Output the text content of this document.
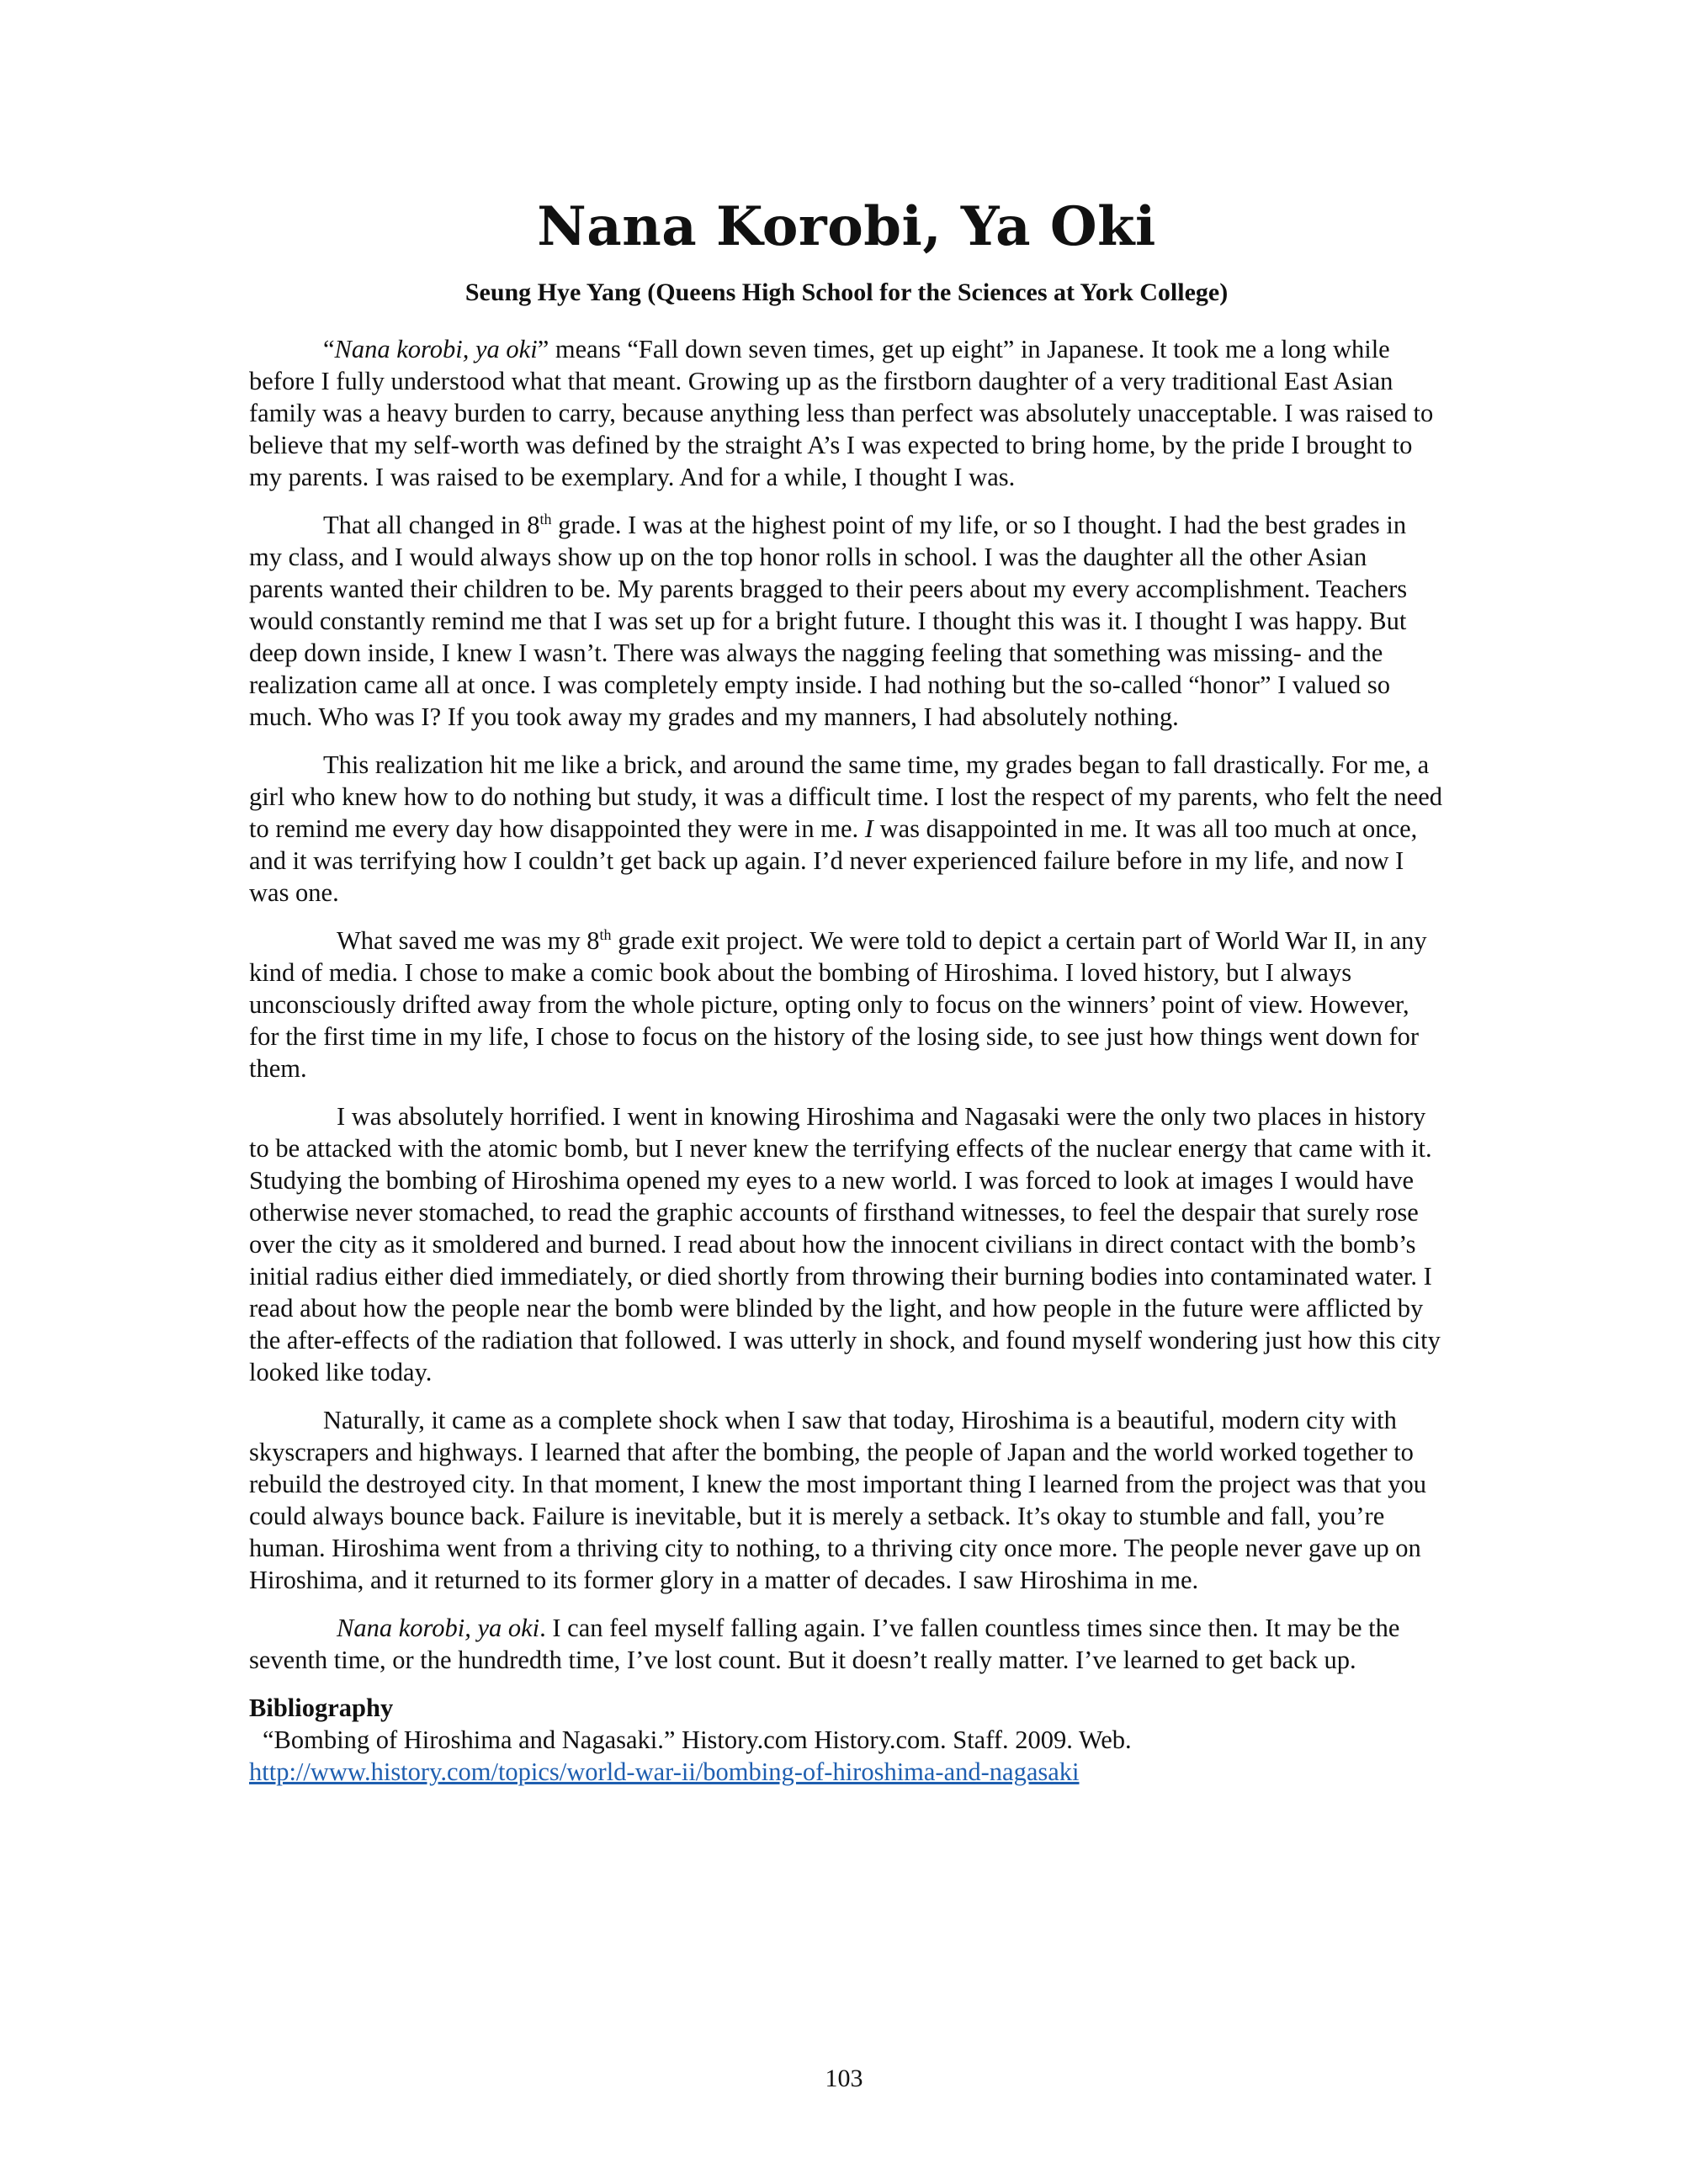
Nana Korobi, Ya Oki
Seung Hye Yang (Queens High School for the Sciences at York College)

“Nana korobi, ya oki” means “Fall down seven times, get up eight” in Japanese. It took me a long while before I fully understood what that meant. Growing up as the firstborn daughter of a very traditional East Asian family was a heavy burden to carry, because anything less than perfect was absolutely unacceptable. I was raised to believe that my self-worth was defined by the straight A’s I was expected to bring home, by the pride I brought to my parents. I was raised to be exemplary. And for a while, I thought I was.

That all changed in 8th grade. I was at the highest point of my life, or so I thought. I had the best grades in my class, and I would always show up on the top honor rolls in school. I was the daughter all the other Asian parents wanted their children to be. My parents bragged to their peers about my every accomplishment. Teachers would constantly remind me that I was set up for a bright future. I thought this was it. I thought I was happy. But deep down inside, I knew I wasn’t. There was always the nagging feeling that something was missing- and the realization came all at once. I was completely empty inside. I had nothing but the so-called “honor” I valued so much. Who was I? If you took away my grades and my manners, I had absolutely nothing.

This realization hit me like a brick, and around the same time, my grades began to fall drastically. For me, a girl who knew how to do nothing but study, it was a difficult time. I lost the respect of my parents, who felt the need to remind me every day how disappointed they were in me. I was disappointed in me. It was all too much at once, and it was terrifying how I couldn’t get back up again. I’d never experienced failure before in my life, and now I was one.

What saved me was my 8th grade exit project. We were told to depict a certain part of World War II, in any kind of media. I chose to make a comic book about the bombing of Hiroshima. I loved history, but I always unconsciously drifted away from the whole picture, opting only to focus on the winners’ point of view. However, for the first time in my life, I chose to focus on the history of the losing side, to see just how things went down for them.

I was absolutely horrified. I went in knowing Hiroshima and Nagasaki were the only two places in history to be attacked with the atomic bomb, but I never knew the terrifying effects of the nuclear energy that came with it. Studying the bombing of Hiroshima opened my eyes to a new world. I was forced to look at images I would have otherwise never stomached, to read the graphic accounts of firsthand witnesses, to feel the despair that surely rose over the city as it smoldered and burned. I read about how the innocent civilians in direct contact with the bomb’s initial radius either died immediately, or died shortly from throwing their burning bodies into contaminated water. I read about how the people near the bomb were blinded by the light, and how people in the future were afflicted by the after-effects of the radiation that followed. I was utterly in shock, and found myself wondering just how this city looked like today.

Naturally, it came as a complete shock when I saw that today, Hiroshima is a beautiful, modern city with skyscrapers and highways. I learned that after the bombing, the people of Japan and the world worked together to rebuild the destroyed city. In that moment, I knew the most important thing I learned from the project was that you could always bounce back. Failure is inevitable, but it is merely a setback. It’s okay to stumble and fall, you’re human. Hiroshima went from a thriving city to nothing, to a thriving city once more. The people never gave up on Hiroshima, and it returned to its former glory in a matter of decades. I saw Hiroshima in me.

Nana korobi, ya oki. I can feel myself falling again. I’ve fallen countless times since then. It may be the seventh time, or the hundredth time, I’ve lost count. But it doesn’t really matter. I’ve learned to get back up.

Bibliography
“Bombing of Hiroshima and Nagasaki.” History.com History.com. Staff. 2009. Web.
http://www.history.com/topics/world-war-ii/bombing-of-hiroshima-and-nagasaki
103
